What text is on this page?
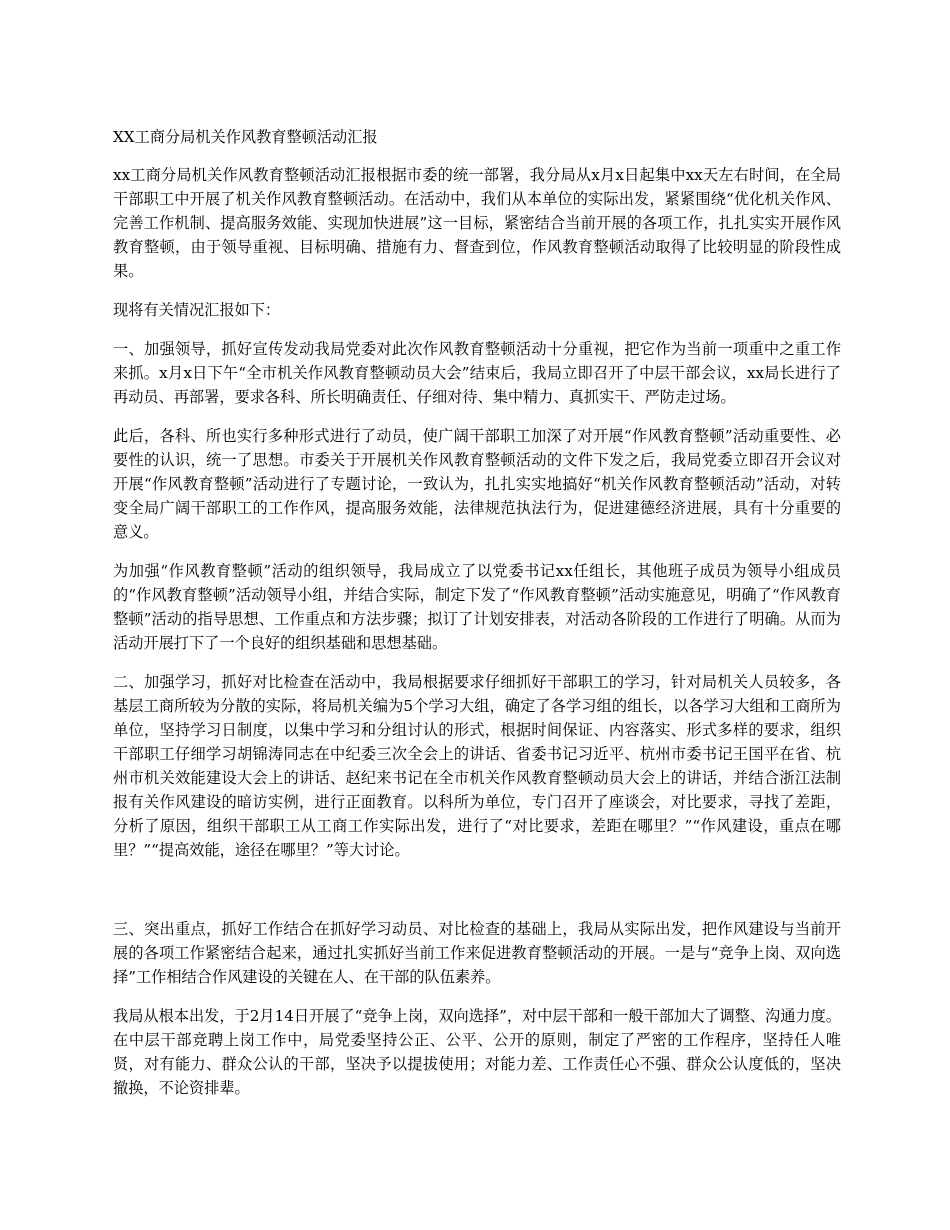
XX工商分局机关作风教育整顿活动汇报

xx工商分局机关作风教育整顿活动汇报根据市委的统一部署，我分局从x月x日起集中xx天左右时间，在全局干部职工中开展了机关作风教育整顿活动。在活动中，我们从本单位的实际出发，紧紧围绕“优化机关作风、完善工作机制、提高服务效能、实现加快进展”这一目标，紧密结合当前开展的各项工作，扎扎实实开展作风教育整顿，由于领导重视、目标明确、措施有力、督查到位，作风教育整顿活动取得了比较明显的阶段性成果。

现将有关情况汇报如下：

一、加强领导，抓好宣传发动我局党委对此次作风教育整顿活动十分重视，把它作为当前一项重中之重工作来抓。x月x日下午“全市机关作风教育整顿动员大会”结束后，我局立即召开了中层干部会议，xx局长进行了再动员、再部署，要求各科、所长明确责任、仔细对待、集中精力、真抓实干、严防走过场。

此后，各科、所也实行多种形式进行了动员，使广阔干部职工加深了对开展“作风教育整顿”活动重要性、必要性的认识，统一了思想。市委关于开展机关作风教育整顿活动的文件下发之后，我局党委立即召开会议对开展“作风教育整顿”活动进行了专题讨论，一致认为，扎扎实实地搞好“机关作风教育整顿活动”活动，对转变全局广阔干部职工的工作作风，提高服务效能，法律规范执法行为，促进建德经济进展，具有十分重要的意义。

为加强“作风教育整顿”活动的组织领导，我局成立了以党委书记xx任组长，其他班子成员为领导小组成员的“作风教育整顿”活动领导小组，并结合实际，制定下发了“作风教育整顿”活动实施意见，明确了“作风教育整顿”活动的指导思想、工作重点和方法步骤；拟订了计划安排表，对活动各阶段的工作进行了明确。从而为活动开展打下了一个良好的组织基础和思想基础。

二、加强学习，抓好对比检查在活动中，我局根据要求仔细抓好干部职工的学习，针对局机关人员较多，各基层工商所较为分散的实际，将局机关编为5个学习大组，确定了各学习组的组长，以各学习大组和工商所为单位，坚持学习日制度，以集中学习和分组讨认的形式，根据时间保证、内容落实、形式多样的要求，组织干部职工仔细学习胡锦涛同志在中纪委三次全会上的讲话、省委书记习近平、杭州市委书记王国平在省、杭州市机关效能建设大会上的讲话、赵纪来书记在全市机关作风教育整顿动员大会上的讲话，并结合浙江法制报有关作风建设的暗访实例，进行正面教育。以科所为单位，专门召开了座谈会，对比要求，寻找了差距，分析了原因，组织干部职工从工商工作实际出发，进行了“对比要求，差距在哪里？”“作风建设，重点在哪里？”“提高效能，途径在哪里？”等大讨论。

三、突出重点，抓好工作结合在抓好学习动员、对比检查的基础上，我局从实际出发，把作风建设与当前开展的各项工作紧密结合起来，通过扎实抓好当前工作来促进教育整顿活动的开展。一是与“竞争上岗、双向选择”工作相结合作风建设的关键在人、在干部的队伍素养。

我局从根本出发，于2月14日开展了“竞争上岗，双向选择”，对中层干部和一般干部加大了调整、沟通力度。在中层干部竞聘上岗工作中，局党委坚持公正、公平、公开的原则，制定了严密的工作程序，坚持任人唯贤，对有能力、群众公认的干部，坚决予以提拔使用；对能力差、工作责任心不强、群众公认度低的，坚决撤换，不论资排辈。
